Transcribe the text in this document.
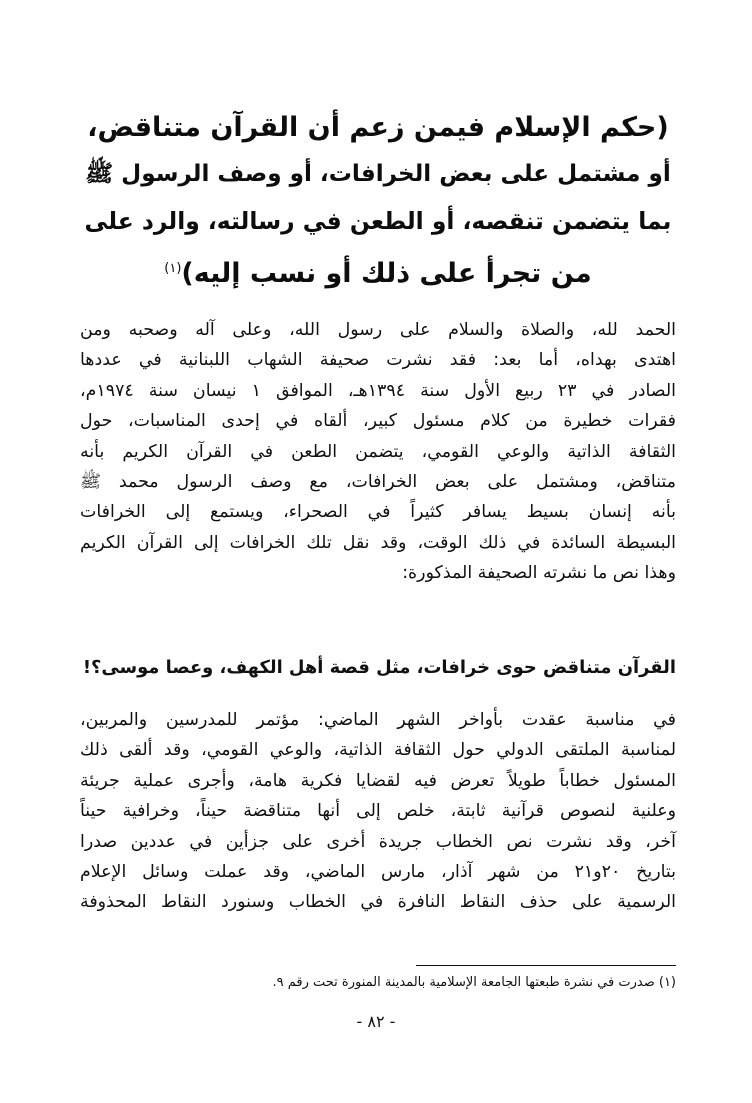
(حكم الإسلام فيمن زعم أن القرآن متناقض،
أو مشتمل على بعض الخرافات، أو وصف الرسول ﷺ
بما يتضمن تنقصه، أو الطعن في رسالته، والرد على
من تجرأ على ذلك أو نسب إليه)$^{(١)}$
الحمد لله، والصلاة والسلام على رسول الله، وعلى آله وصحبه ومن
اهتدى بهداه، أما بعد: فقد نشرت صحيفة الشهاب اللبنانية في عددها
الصادر في ٢٣ ربيع الأول سنة ١٣٩٤هـ، الموافق ١ نيسان سنة ١٩٧٤م،
فقرات خطيرة من كلام مسئول كبير، ألقاه في إحدى المناسبات، حول
الثقافة الذاتية والوعي القومي، يتضمن الطعن في القرآن الكريم بأنه
متناقض، ومشتمل على بعض الخرافات، مع وصف الرسول محمد ﷺ
بأنه إنسان بسيط يسافر كثيراً في الصحراء، ويستمع إلى الخرافات
البسيطة السائدة في ذلك الوقت، وقد نقل تلك الخرافات إلى القرآن الكريم
وهذا نص ما نشرته الصحيفة المذكورة:
القرآن متناقض حوى خرافات، مثل قصة أهل الكهف، وعصا موسى؟!
في مناسبة عقدت بأواخر الشهر الماضي: مؤتمر للمدرسين والمربين،
لمناسبة الملتقى الدولي حول الثقافة الذاتية، والوعي القومي، وقد ألقى ذلك
المسئول خطاباً طويلاً تعرض فيه لقضايا فكرية هامة، وأجرى عملية جريئة
وعلنية لنصوص قرآنية ثابتة، خلص إلى أنها متناقضة حيناً، وخرافية حيناً
آخر، وقد نشرت نص الخطاب جريدة أخرى على جزأين في عددين صدرا
بتاريخ ٢٠و٢١ من شهر آذار، مارس الماضي، وقد عملت وسائل الإعلام
الرسمية على حذف النقاط النافرة في الخطاب وسنورد النقاط المحذوفة
(١) صدرت في نشرة طبعتها الجامعة الإسلامية بالمدينة المنورة تحت رقم ٩.
- ٨٢ -
